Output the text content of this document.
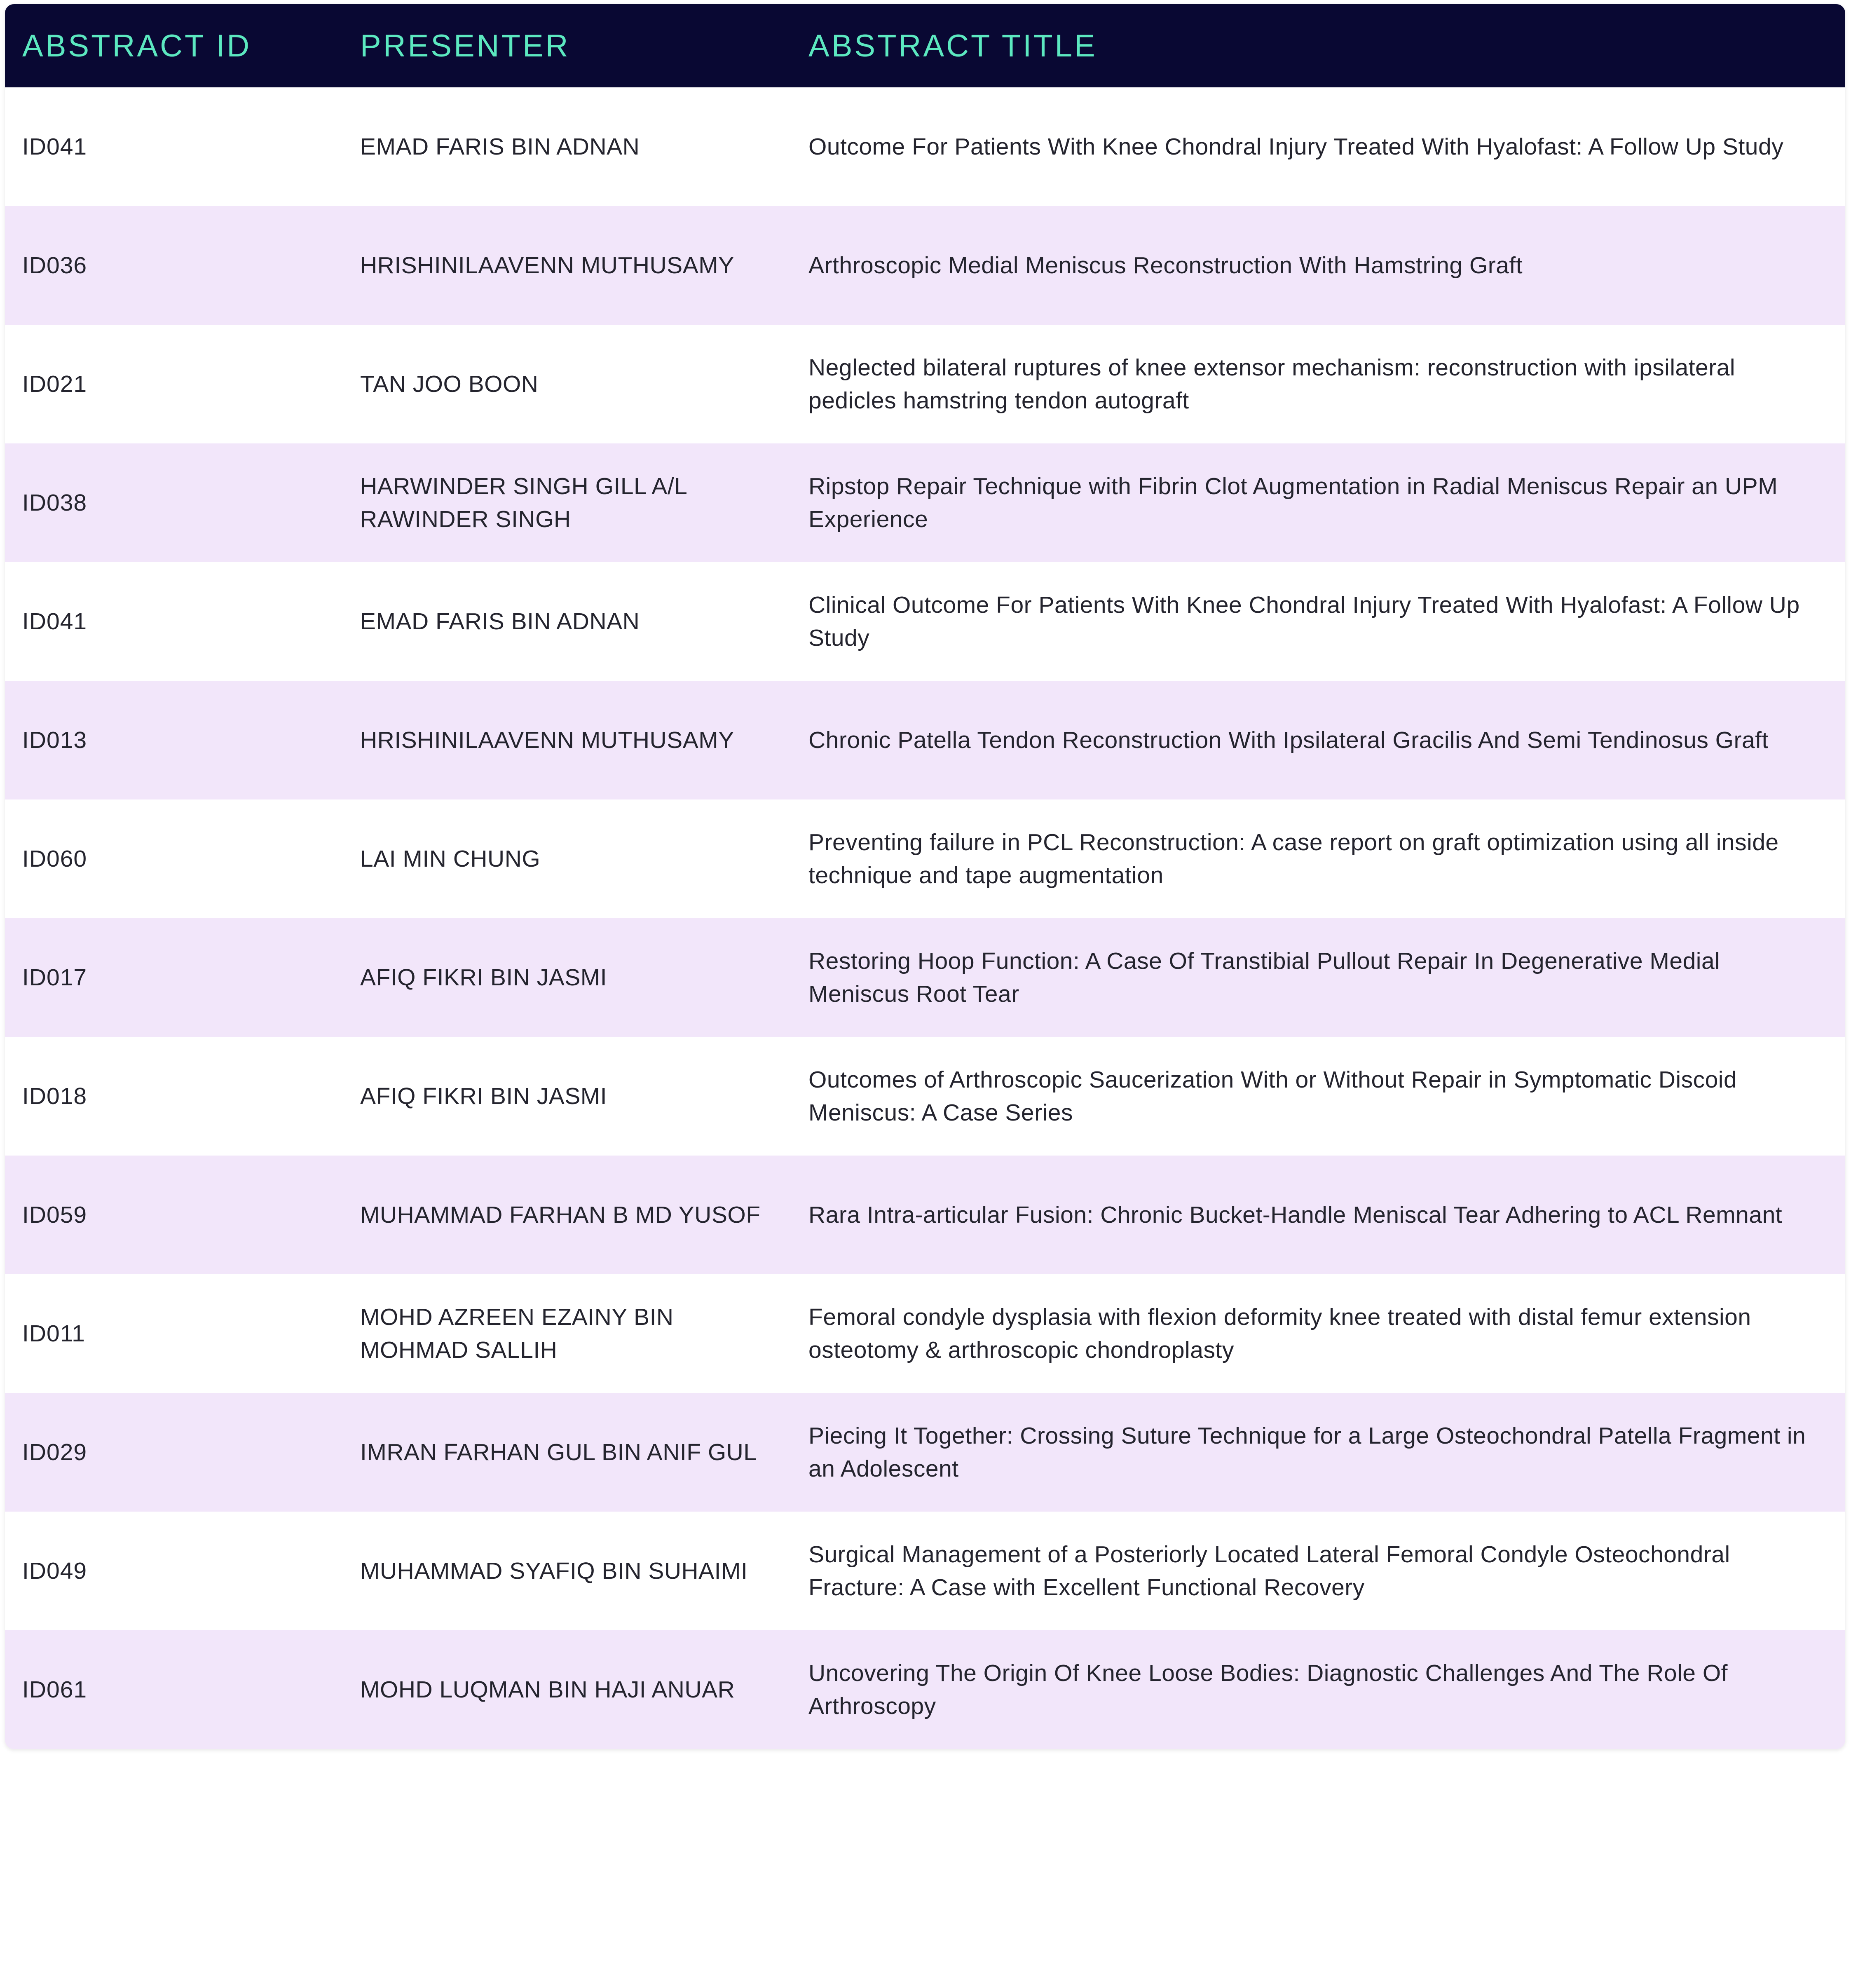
ABSTRACT ID	PRESENTER	ABSTRACT TITLE
ID041	EMAD FARIS BIN ADNAN	Outcome For Patients With Knee Chondral Injury Treated With Hyalofast: A Follow Up Study
ID036	HRISHINILAAVENN MUTHUSAMY	Arthroscopic Medial Meniscus Reconstruction With Hamstring Graft
ID021	TAN JOO BOON	Neglected bilateral ruptures of knee extensor mechanism: reconstruction with ipsilateral pedicles hamstring tendon autograft
ID038	HARWINDER SINGH GILL A/L RAWINDER SINGH	Ripstop Repair Technique with Fibrin Clot Augmentation in Radial Meniscus Repair an UPM Experience
ID041	EMAD FARIS BIN ADNAN	Clinical Outcome For Patients With Knee Chondral Injury Treated With Hyalofast: A Follow Up Study
ID013	HRISHINILAAVENN MUTHUSAMY	Chronic Patella Tendon Reconstruction With Ipsilateral Gracilis And Semi Tendinosus Graft
ID060	LAI MIN CHUNG	Preventing failure in PCL Reconstruction: A case report on graft optimization using all inside technique and tape augmentation
ID017	AFIQ FIKRI BIN JASMI	Restoring Hoop Function: A Case Of Transtibial Pullout Repair In Degenerative Medial Meniscus Root Tear
ID018	AFIQ FIKRI BIN JASMI	Outcomes of Arthroscopic Saucerization With or Without Repair in Symptomatic Discoid Meniscus: A Case Series
ID059	MUHAMMAD FARHAN B MD YUSOF	Rara Intra-articular Fusion: Chronic Bucket-Handle Meniscal Tear Adhering to ACL Remnant
ID011	MOHD AZREEN EZAINY BIN MOHMAD SALLIH	Femoral condyle dysplasia with flexion deformity knee treated with distal femur extension osteotomy & arthroscopic chondroplasty
ID029	IMRAN FARHAN GUL BIN ANIF GUL	Piecing It Together: Crossing Suture Technique for a Large Osteochondral Patella Fragment in an Adolescent
ID049	MUHAMMAD SYAFIQ BIN SUHAIMI	Surgical Management of a Posteriorly Located Lateral Femoral Condyle Osteochondral Fracture: A Case with Excellent Functional Recovery
ID061	MOHD LUQMAN BIN HAJI ANUAR	Uncovering The Origin Of Knee Loose Bodies: Diagnostic Challenges And The Role Of Arthroscopy
